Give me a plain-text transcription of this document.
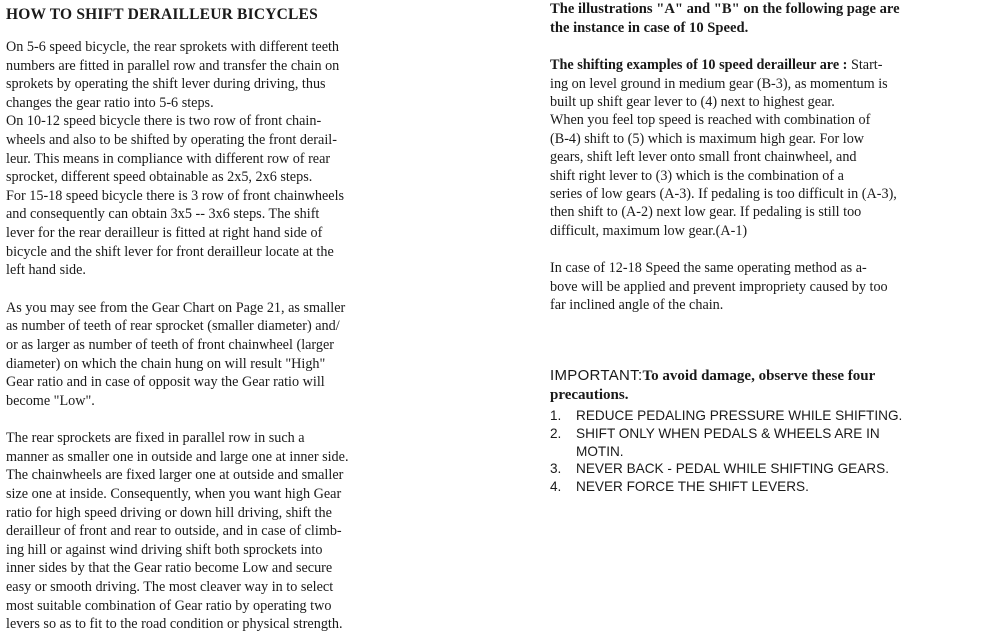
HOW TO SHIFT DERAILLEUR BICYCLES
On 5-6 speed bicycle, the rear sprokets with different teeth
numbers are fitted in parallel row and transfer the chain on
sprokets by operating the shift lever during driving, thus
changes the gear ratio into 5-6 steps.
On 10-12 speed bicycle there is two row of front chain-
wheels and also to be shifted by operating the front derail-
leur. This means in compliance with different row of rear
sprocket, different speed obtainable as 2x5, 2x6 steps.
For 15-18 speed bicycle there is 3 row of front chainwheels
and consequently can obtain 3x5 -- 3x6 steps. The shift
lever for the rear derailleur is fitted at right hand side of
bicycle and the shift lever for front derailleur locate at the
left hand side.
As you may see from the Gear Chart on Page 21, as smaller
as number of teeth of rear sprocket (smaller diameter) and/
or as larger as number of teeth of front chainwheel (larger
diameter) on which the chain hung on will result "High"
Gear ratio and in case of opposit way the Gear ratio will
become "Low".
The rear sprockets are fixed in parallel row in such a
manner as smaller one in outside and large one at inner side.
The chainwheels are fixed larger one at outside and smaller
size one at inside. Consequently, when you want high Gear
ratio for high speed driving or down hill driving, shift the
derailleur of front and rear to outside, and in case of climb-
ing hill or against wind driving shift both sprockets into
inner sides by that the Gear ratio become Low and secure
easy or smooth driving. The most cleaver way in to select
most suitable combination of Gear ratio by operating two
levers so as to fit to the road condition or physical strength.
The illustrations "A" and "B" on the following page are
the instance in case of 10 Speed.
The shifting examples of 10 speed derailleur are : Start-
ing on level ground in medium gear (B-3), as momentum is
built up shift gear lever to (4) next to highest gear.
When you feel top speed is reached with combination of
(B-4) shift to (5) which is maximum high gear. For low
gears, shift left lever onto small front chainwheel, and
shift right lever to (3) which is the combination of a
series of low gears (A-3). If pedaling is too difficult in (A-3),
then shift to (A-2) next low gear. If pedaling is still too
difficult, maximum low gear.(A-1)
In case of 12-18 Speed the same operating method as a-
bove will be applied and prevent impropriety caused by too
far inclined angle of the chain.
IMPORTANT:To avoid damage, observe these four
precautions.
1.	REDUCE PEDALING PRESSURE WHILE SHIFTING.
2.	SHIFT ONLY WHEN PEDALS & WHEELS ARE IN
MOTIN.
3.	NEVER BACK - PEDAL WHILE SHIFTING GEARS.
4.	NEVER FORCE THE SHIFT LEVERS.
